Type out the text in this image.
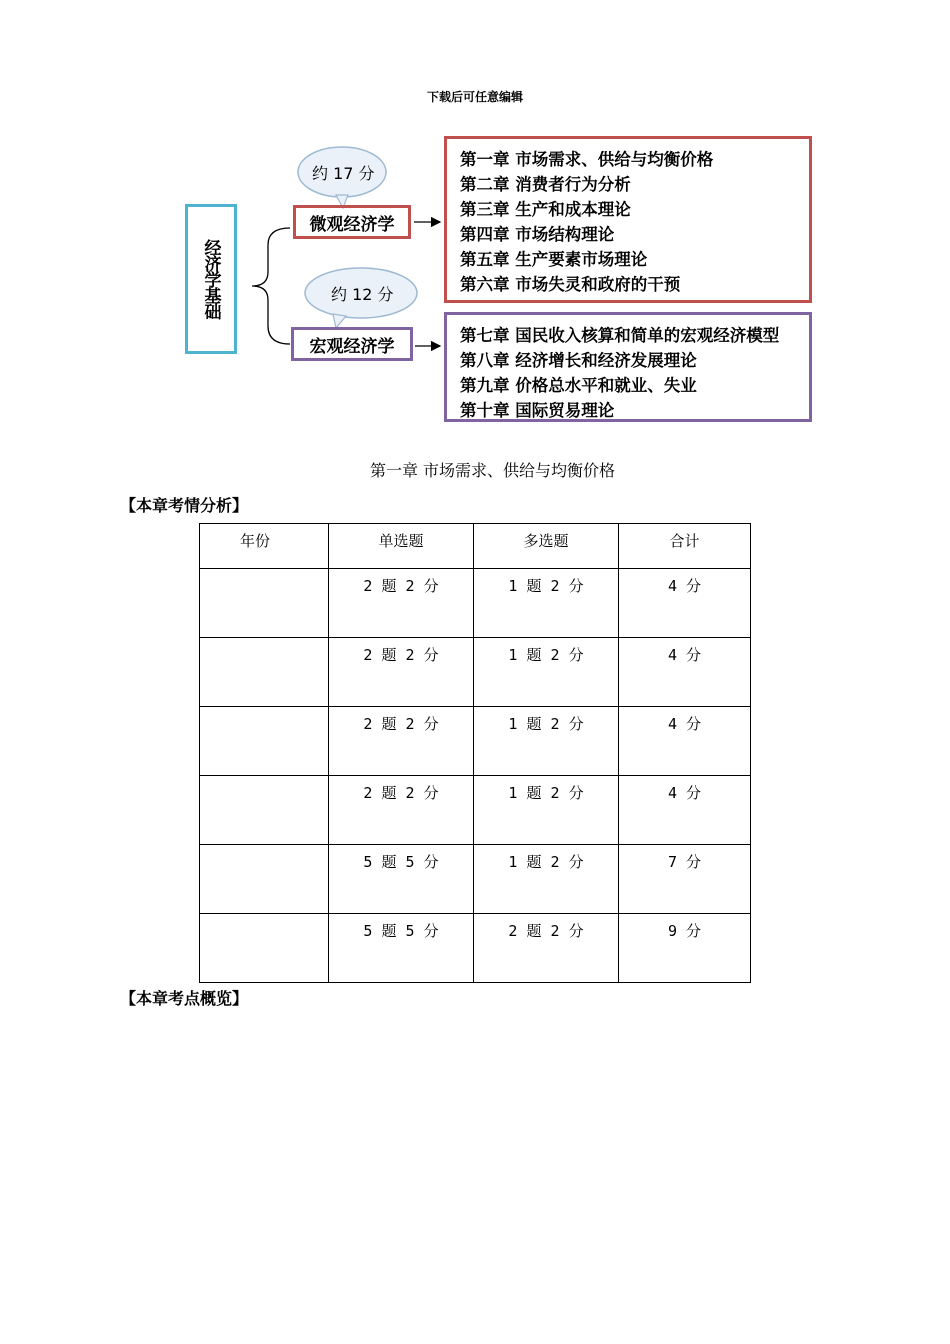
下载后可任意编辑
约 17 分
约 12 分
经济学基础
微观经济学
宏观经济学
第一章 市场需求、供给与均衡价格
第二章 消费者行为分析
第三章 生产和成本理论
第四章 市场结构理论
第五章 生产要素市场理论
第六章 市场失灵和政府的干预
第七章 国民收入核算和简单的宏观经济模型
第八章 经济增长和经济发展理论
第九章 价格总水平和就业、失业
第十章 国际贸易理论
第一章 市场需求、供给与均衡价格
【本章考情分析】
年份	单选题	多选题	合计

	2 题 2 分	1 题 2 分	4 分

	2 题 2 分	1 题 2 分	4 分

	2 题 2 分	1 题 2 分	4 分

	2 题 2 分	1 题 2 分	4 分

	5 题 5 分	1 题 2 分	7 分

	5 题 5 分	2 题 2 分	9 分
【本章考点概览】
